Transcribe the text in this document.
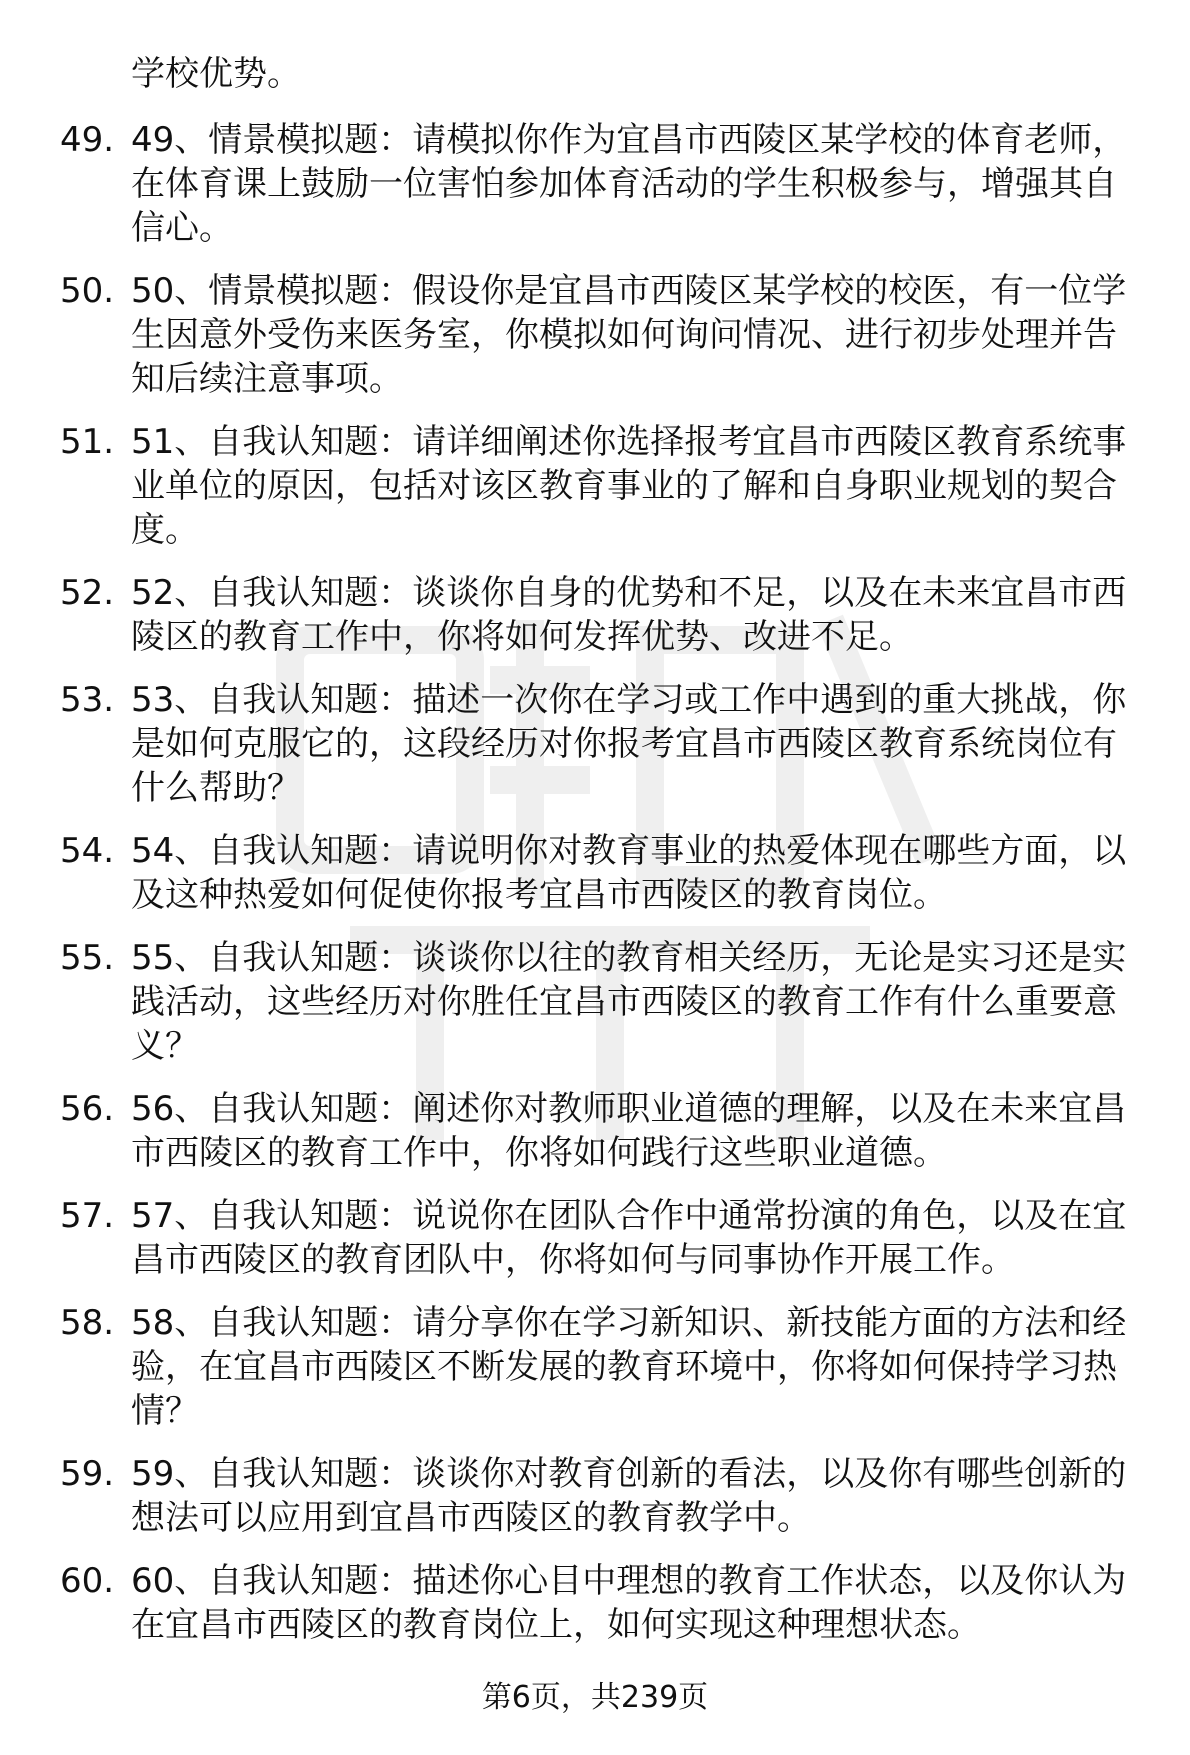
学校优势。
49. 49、情景模拟题：请模拟你作为宜昌市西陵区某学校的体育老师，在体育课上鼓励一位害怕参加体育活动的学生积极参与，增强其自信心。
50. 50、情景模拟题：假设你是宜昌市西陵区某学校的校医，有一位学生因意外受伤来医务室，你模拟如何询问情况、进行初步处理并告知后续注意事项。
51. 51、自我认知题：请详细阐述你选择报考宜昌市西陵区教育系统事业单位的原因，包括对该区教育事业的了解和自身职业规划的契合度。
52. 52、自我认知题：谈谈你自身的优势和不足，以及在未来宜昌市西陵区的教育工作中，你将如何发挥优势、改进不足。
53. 53、自我认知题：描述一次你在学习或工作中遇到的重大挑战，你是如何克服它的，这段经历对你报考宜昌市西陵区教育系统岗位有什么帮助？
54. 54、自我认知题：请说明你对教育事业的热爱体现在哪些方面，以及这种热爱如何促使你报考宜昌市西陵区的教育岗位。
55. 55、自我认知题：谈谈你以往的教育相关经历，无论是实习还是实践活动，这些经历对你胜任宜昌市西陵区的教育工作有什么重要意义？
56. 56、自我认知题：阐述你对教师职业道德的理解，以及在未来宜昌市西陵区的教育工作中，你将如何践行这些职业道德。
57. 57、自我认知题：说说你在团队合作中通常扮演的角色，以及在宜昌市西陵区的教育团队中，你将如何与同事协作开展工作。
58. 58、自我认知题：请分享你在学习新知识、新技能方面的方法和经验，在宜昌市西陵区不断发展的教育环境中，你将如何保持学习热情？
59. 59、自我认知题：谈谈你对教育创新的看法，以及你有哪些创新的想法可以应用到宜昌市西陵区的教育教学中。
60. 60、自我认知题：描述你心目中理想的教育工作状态，以及你认为在宜昌市西陵区的教育岗位上，如何实现这种理想状态。
第6页，共239页
